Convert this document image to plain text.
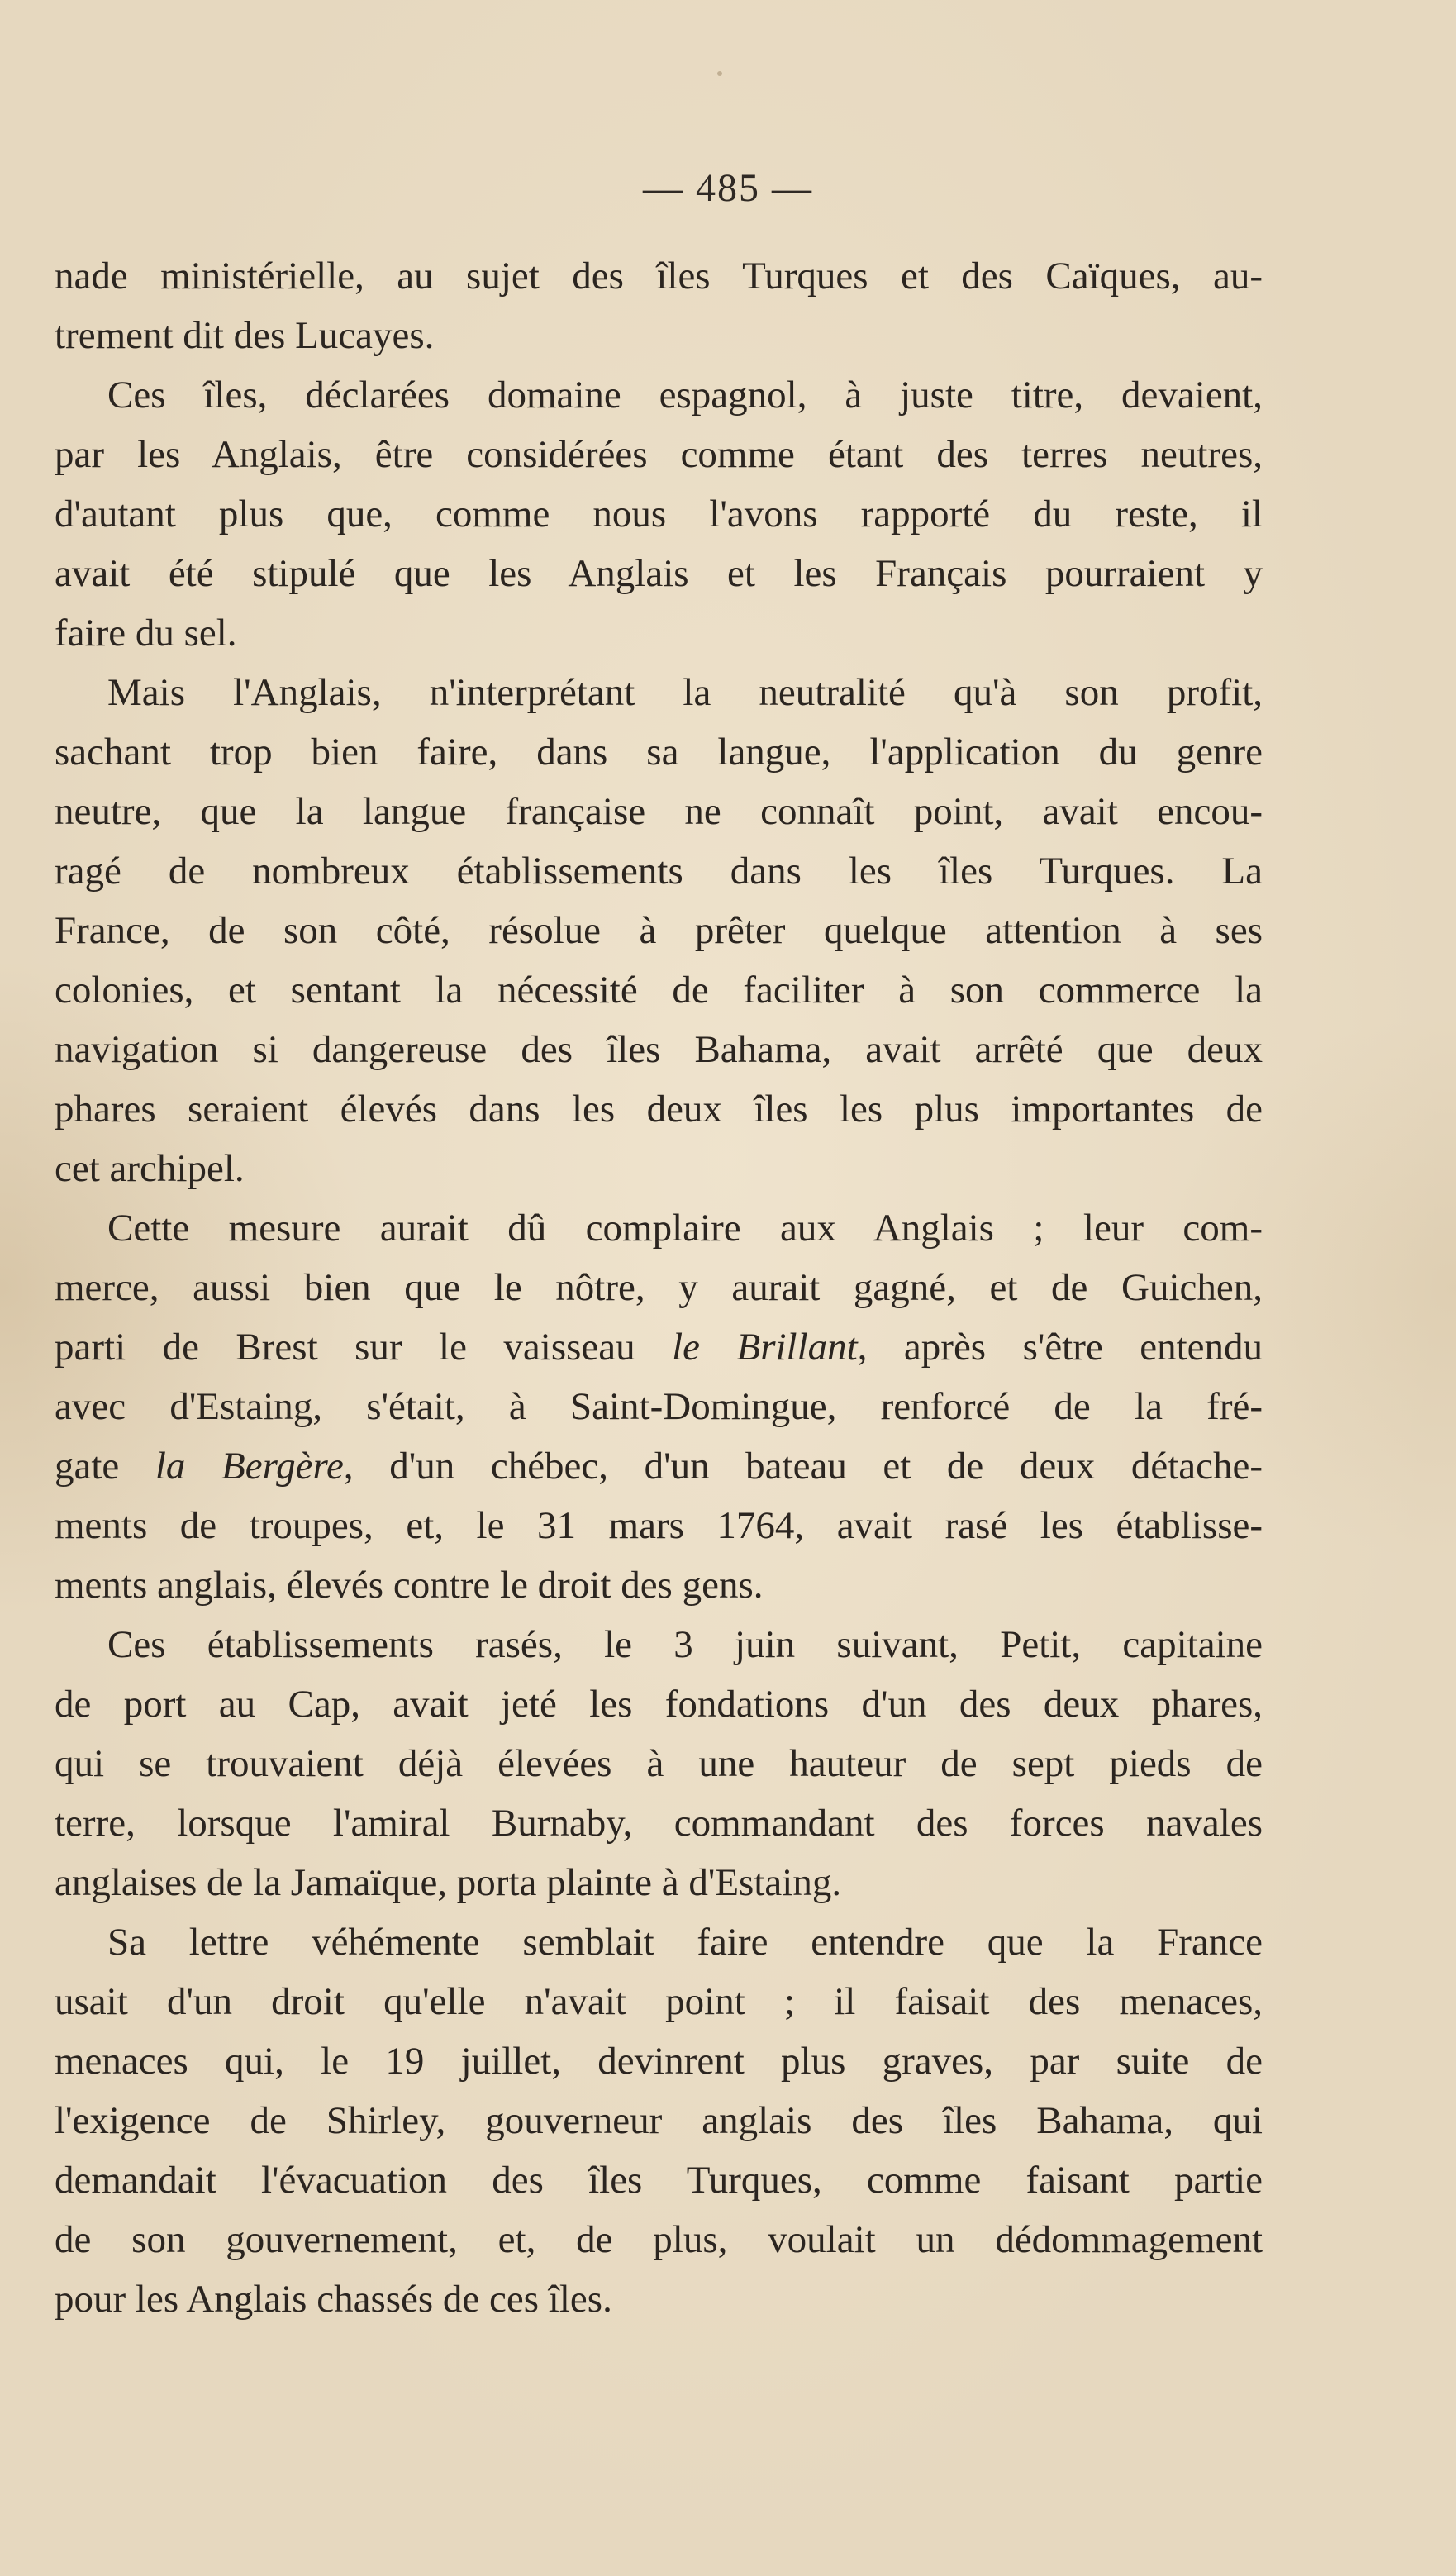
— 485 —
nade ministérielle, au sujet des îles Turques et des Caïques, au-
trement dit des Lucayes.
Ces îles, déclarées domaine espagnol, à juste titre, devaient,
par les Anglais, être considérées comme étant des terres neutres,
d'autant plus que, comme nous l'avons rapporté du reste, il
avait été stipulé que les Anglais et les Français pourraient y
faire du sel.
Mais l'Anglais, n'interprétant la neutralité qu'à son profit,
sachant trop bien faire, dans sa langue, l'application du genre
neutre, que la langue française ne connaît point, avait encou-
ragé de nombreux établissements dans les îles Turques. La
France, de son côté, résolue à prêter quelque attention à ses
colonies, et sentant la nécessité de faciliter à son commerce la
navigation si dangereuse des îles Bahama, avait arrêté que deux
phares seraient élevés dans les deux îles les plus importantes de
cet archipel.
Cette mesure aurait dû complaire aux Anglais ; leur com-
merce, aussi bien que le nôtre, y aurait gagné, et de Guichen,
parti de Brest sur le vaisseau le Brillant, après s'être entendu
avec d'Estaing, s'était, à Saint-Domingue, renforcé de la fré-
gate la Bergère, d'un chébec, d'un bateau et de deux détache-
ments de troupes, et, le 31 mars 1764, avait rasé les établisse-
ments anglais, élevés contre le droit des gens.
Ces établissements rasés, le 3 juin suivant, Petit, capitaine
de port au Cap, avait jeté les fondations d'un des deux phares,
qui se trouvaient déjà élevées à une hauteur de sept pieds de
terre, lorsque l'amiral Burnaby, commandant des forces navales
anglaises de la Jamaïque, porta plainte à d'Estaing.
Sa lettre véhémente semblait faire entendre que la France
usait d'un droit qu'elle n'avait point ; il faisait des menaces,
menaces qui, le 19 juillet, devinrent plus graves, par suite de
l'exigence de Shirley, gouverneur anglais des îles Bahama, qui
demandait l'évacuation des îles Turques, comme faisant partie
de son gouvernement, et, de plus, voulait un dédommagement
pour les Anglais chassés de ces îles.
